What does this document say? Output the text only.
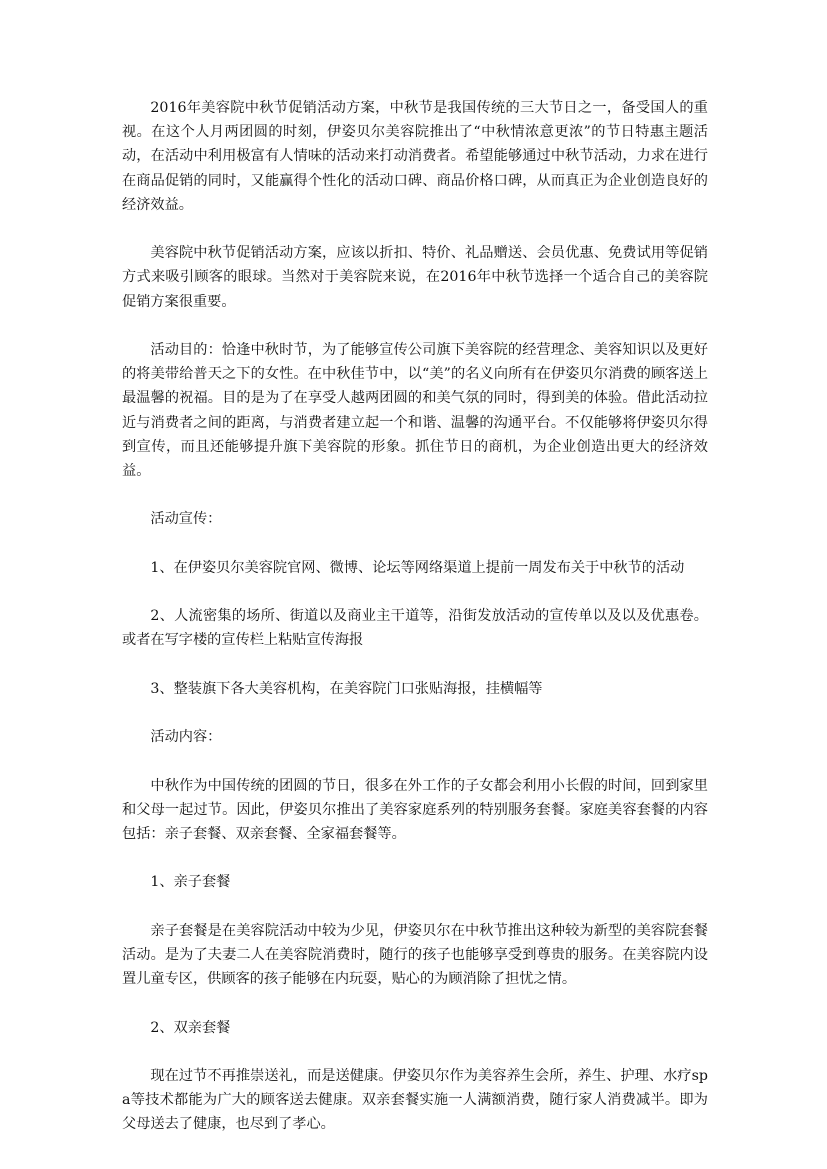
2016年美容院中秋节促销活动方案，中秋节是我国传统的三大节日之一，备受国人的重视。在这个人月两团圆的时刻，伊姿贝尔美容院推出了“中秋情浓意更浓”的节日特惠主题活动，在活动中利用极富有人情味的活动来打动消费者。希望能够通过中秋节活动，力求在进行在商品促销的同时，又能赢得个性化的活动口碑、商品价格口碑，从而真正为企业创造良好的经济效益。

美容院中秋节促销活动方案，应该以折扣、特价、礼品赠送、会员优惠、免费试用等促销方式来吸引顾客的眼球。当然对于美容院来说，在2016年中秋节选择一个适合自己的美容院促销方案很重要。

活动目的：恰逢中秋时节，为了能够宣传公司旗下美容院的经营理念、美容知识以及更好的将美带给普天之下的女性。在中秋佳节中，以“美”的名义向所有在伊姿贝尔消费的顾客送上最温馨的祝福。目的是为了在享受人越两团圆的和美气氛的同时，得到美的体验。借此活动拉近与消费者之间的距离，与消费者建立起一个和谐、温馨的沟通平台。不仅能够将伊姿贝尔得到宣传，而且还能够提升旗下美容院的形象。抓住节日的商机，为企业创造出更大的经济效益。

活动宣传：

1、在伊姿贝尔美容院官网、微博、论坛等网络渠道上提前一周发布关于中秋节的活动

2、人流密集的场所、街道以及商业主干道等，沿街发放活动的宣传单以及以及优惠卷。或者在写字楼的宣传栏上粘贴宣传海报

3、整装旗下各大美容机构，在美容院门口张贴海报，挂横幅等

活动内容：

中秋作为中国传统的团圆的节日，很多在外工作的子女都会利用小长假的时间，回到家里和父母一起过节。因此，伊姿贝尔推出了美容家庭系列的特别服务套餐。家庭美容套餐的内容包括：亲子套餐、双亲套餐、全家福套餐等。

1、亲子套餐

亲子套餐是在美容院活动中较为少见，伊姿贝尔在中秋节推出这种较为新型的美容院套餐活动。是为了夫妻二人在美容院消费时，随行的孩子也能够享受到尊贵的服务。在美容院内设置儿童专区，供顾客的孩子能够在内玩耍，贴心的为顾消除了担忧之情。

2、双亲套餐

现在过节不再推崇送礼，而是送健康。伊姿贝尔作为美容养生会所，养生、护理、水疗spa等技术都能为广大的顾客送去健康。双亲套餐实施一人满额消费，随行家人消费减半。即为父母送去了健康，也尽到了孝心。
